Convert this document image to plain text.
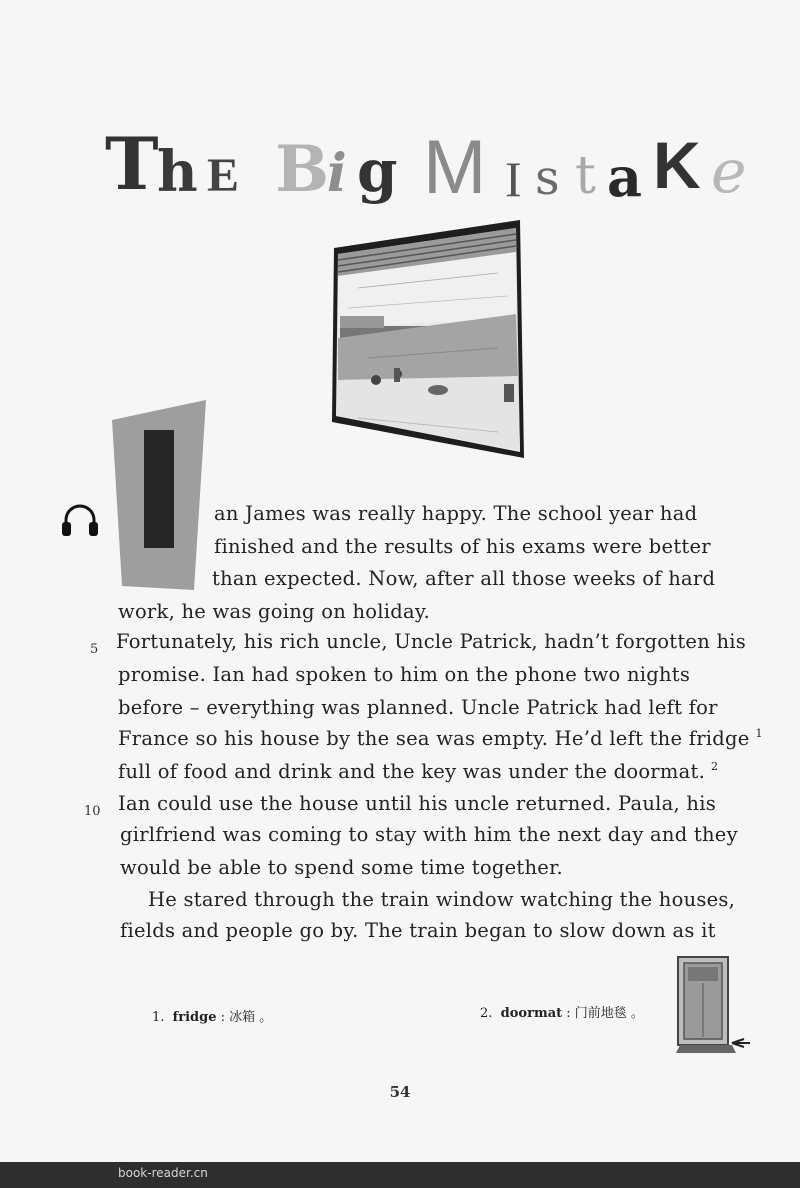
T
h E B
i g M I s t a K e
an James was really happy. The school year had
finished and the results of his exams were better
than expected. Now, after all those weeks of hard
work, he was going on holiday.
Fortunately, his rich uncle, Uncle Patrick, hadn’t forgotten his
promise. Ian had spoken to him on the phone two nights
before – everything was planned. Uncle Patrick had left for
France so his house by the sea was empty. He’d left the fridge $^1$
full of food and drink and the key was under the doormat. $^2$
Ian could use the house until his uncle returned. Paula, his
girlfriend was coming to stay with him the next day and they
would be able to spend some time together.
He stared through the train window watching the houses,
fields and people go by. The train began to slow down as it
5
10
1. fridge : 冰箱 。	2. doormat : 门前地毯 。
54
book-reader.cn
